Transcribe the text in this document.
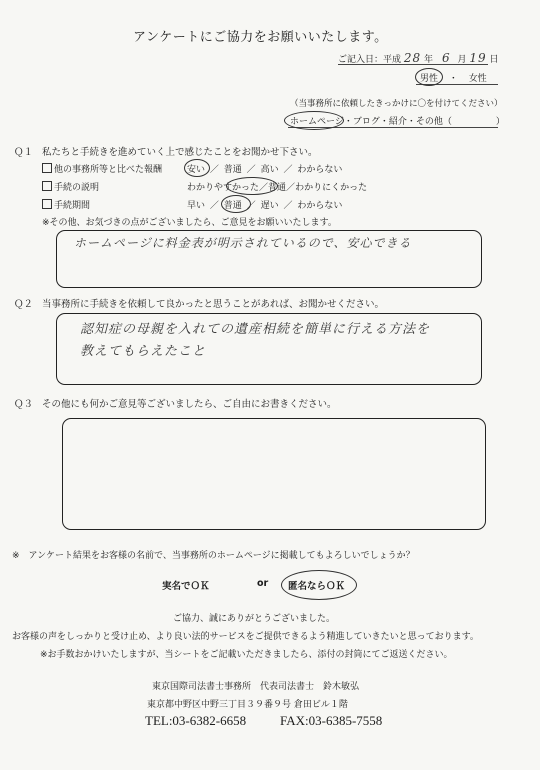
アンケートにご協力をお願いいたします。
ご記入日：平成 28 年 6 月 19 日
男性 ・ 女性
（当事務所に依頼したきっかけに〇を付けてください）
ホームページ・ブログ・紹介・その他（	）
Ｑ１ 私たちと手続きを進めていく上で感じたことをお聞かせ下さい。
他の事務所等と比べた報酬	安い ／ 普通 ／ 高い ／ わからない
手続の説明	わかりやすかった／普通／わかりにくかった
手続期間	早い ／ 普通 ／ 遅い ／ わからない
※その他、お気づきの点がございましたら、ご意見をお願いいたします。
ホームページに料金表が明示されているので、安心できる
Ｑ２ 当事務所に手続きを依頼して良かったと思うことがあれば、お聞かせください。
認知症の母親を入れての遺産相続を簡単に行える方法を
教えてもらえたこと
Ｑ３ その他にも何かご意見等ございましたら、ご自由にお書きください。
※　アンケート結果をお客様の名前で、当事務所のホームページに掲載してもよろしいでしょうか？
実名でＯＫ	or 匿名ならＯＫ
ご協力、誠にありがとうございました。
お客様の声をしっかりと受け止め、より良い法的サービスをご提供できるよう精進していきたいと思っております。
※お手数おかけいたしますが、当シートをご記載いただきましたら、添付の封筒にてご返送ください。
東京国際司法書士事務所　代表司法書士　鈴木敏弘
東京都中野区中野三丁目３９番９号 倉田ビル１階
TEL:03-6382-6658	FAX:03-6385-7558
